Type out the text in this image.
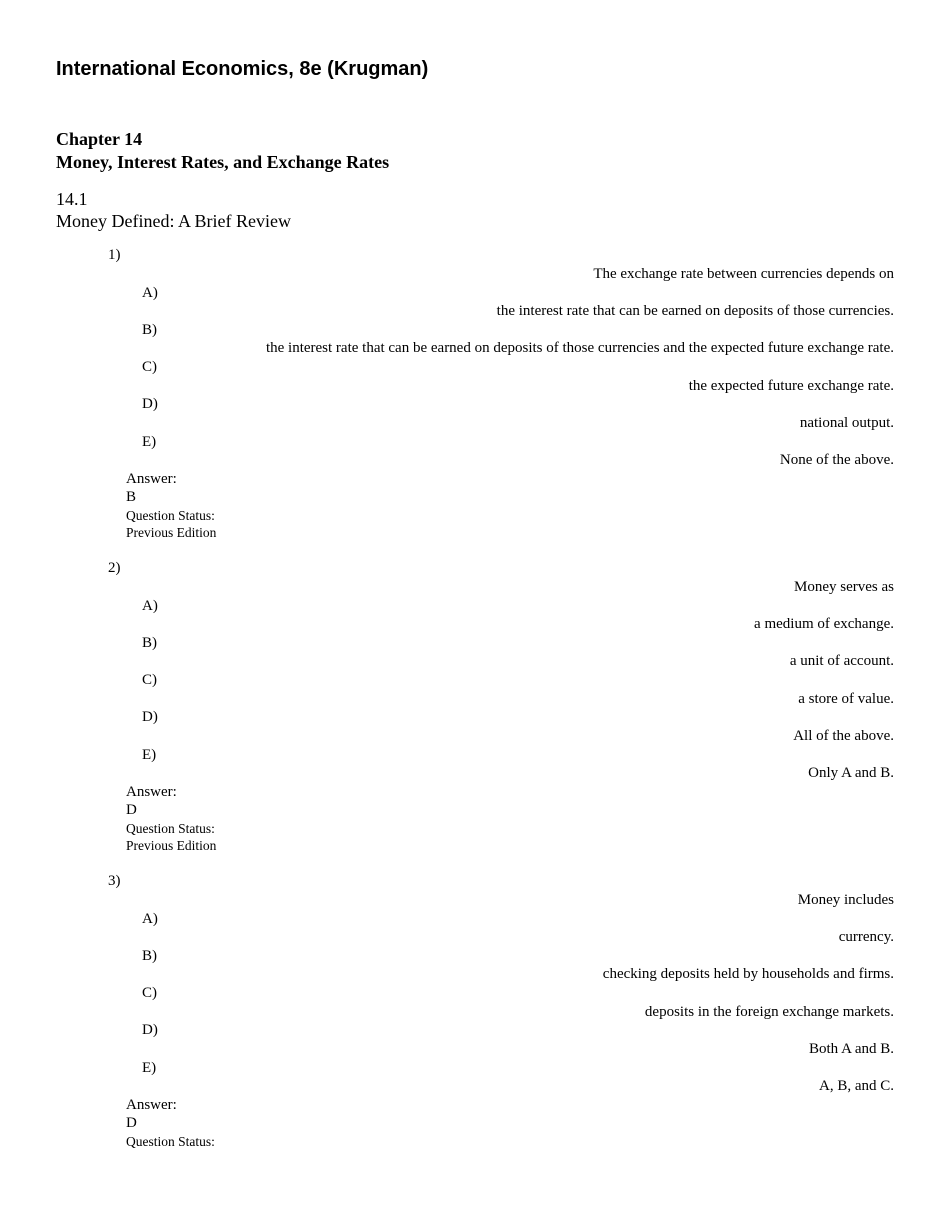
International Economics, 8e (Krugman)
Chapter 14
Money, Interest Rates, and Exchange Rates
14.1
Money Defined: A Brief Review
1)
The exchange rate between currencies depends on
A)
the interest rate that can be earned on deposits of those currencies.
B)
the interest rate that can be earned on deposits of those currencies and the expected future exchange rate.
C)
the expected future exchange rate.
D)
national output.
E)
None of the above.
Answer:
B
Question Status:
Previous Edition
2)
Money serves as
A)
a medium of exchange.
B)
a unit of account.
C)
a store of value.
D)
All of the above.
E)
Only A and B.
Answer:
D
Question Status:
Previous Edition
3)
Money includes
A)
currency.
B)
checking deposits held by households and firms.
C)
deposits in the foreign exchange markets.
D)
Both A and B.
E)
A, B, and C.
Answer:
D
Question Status:
